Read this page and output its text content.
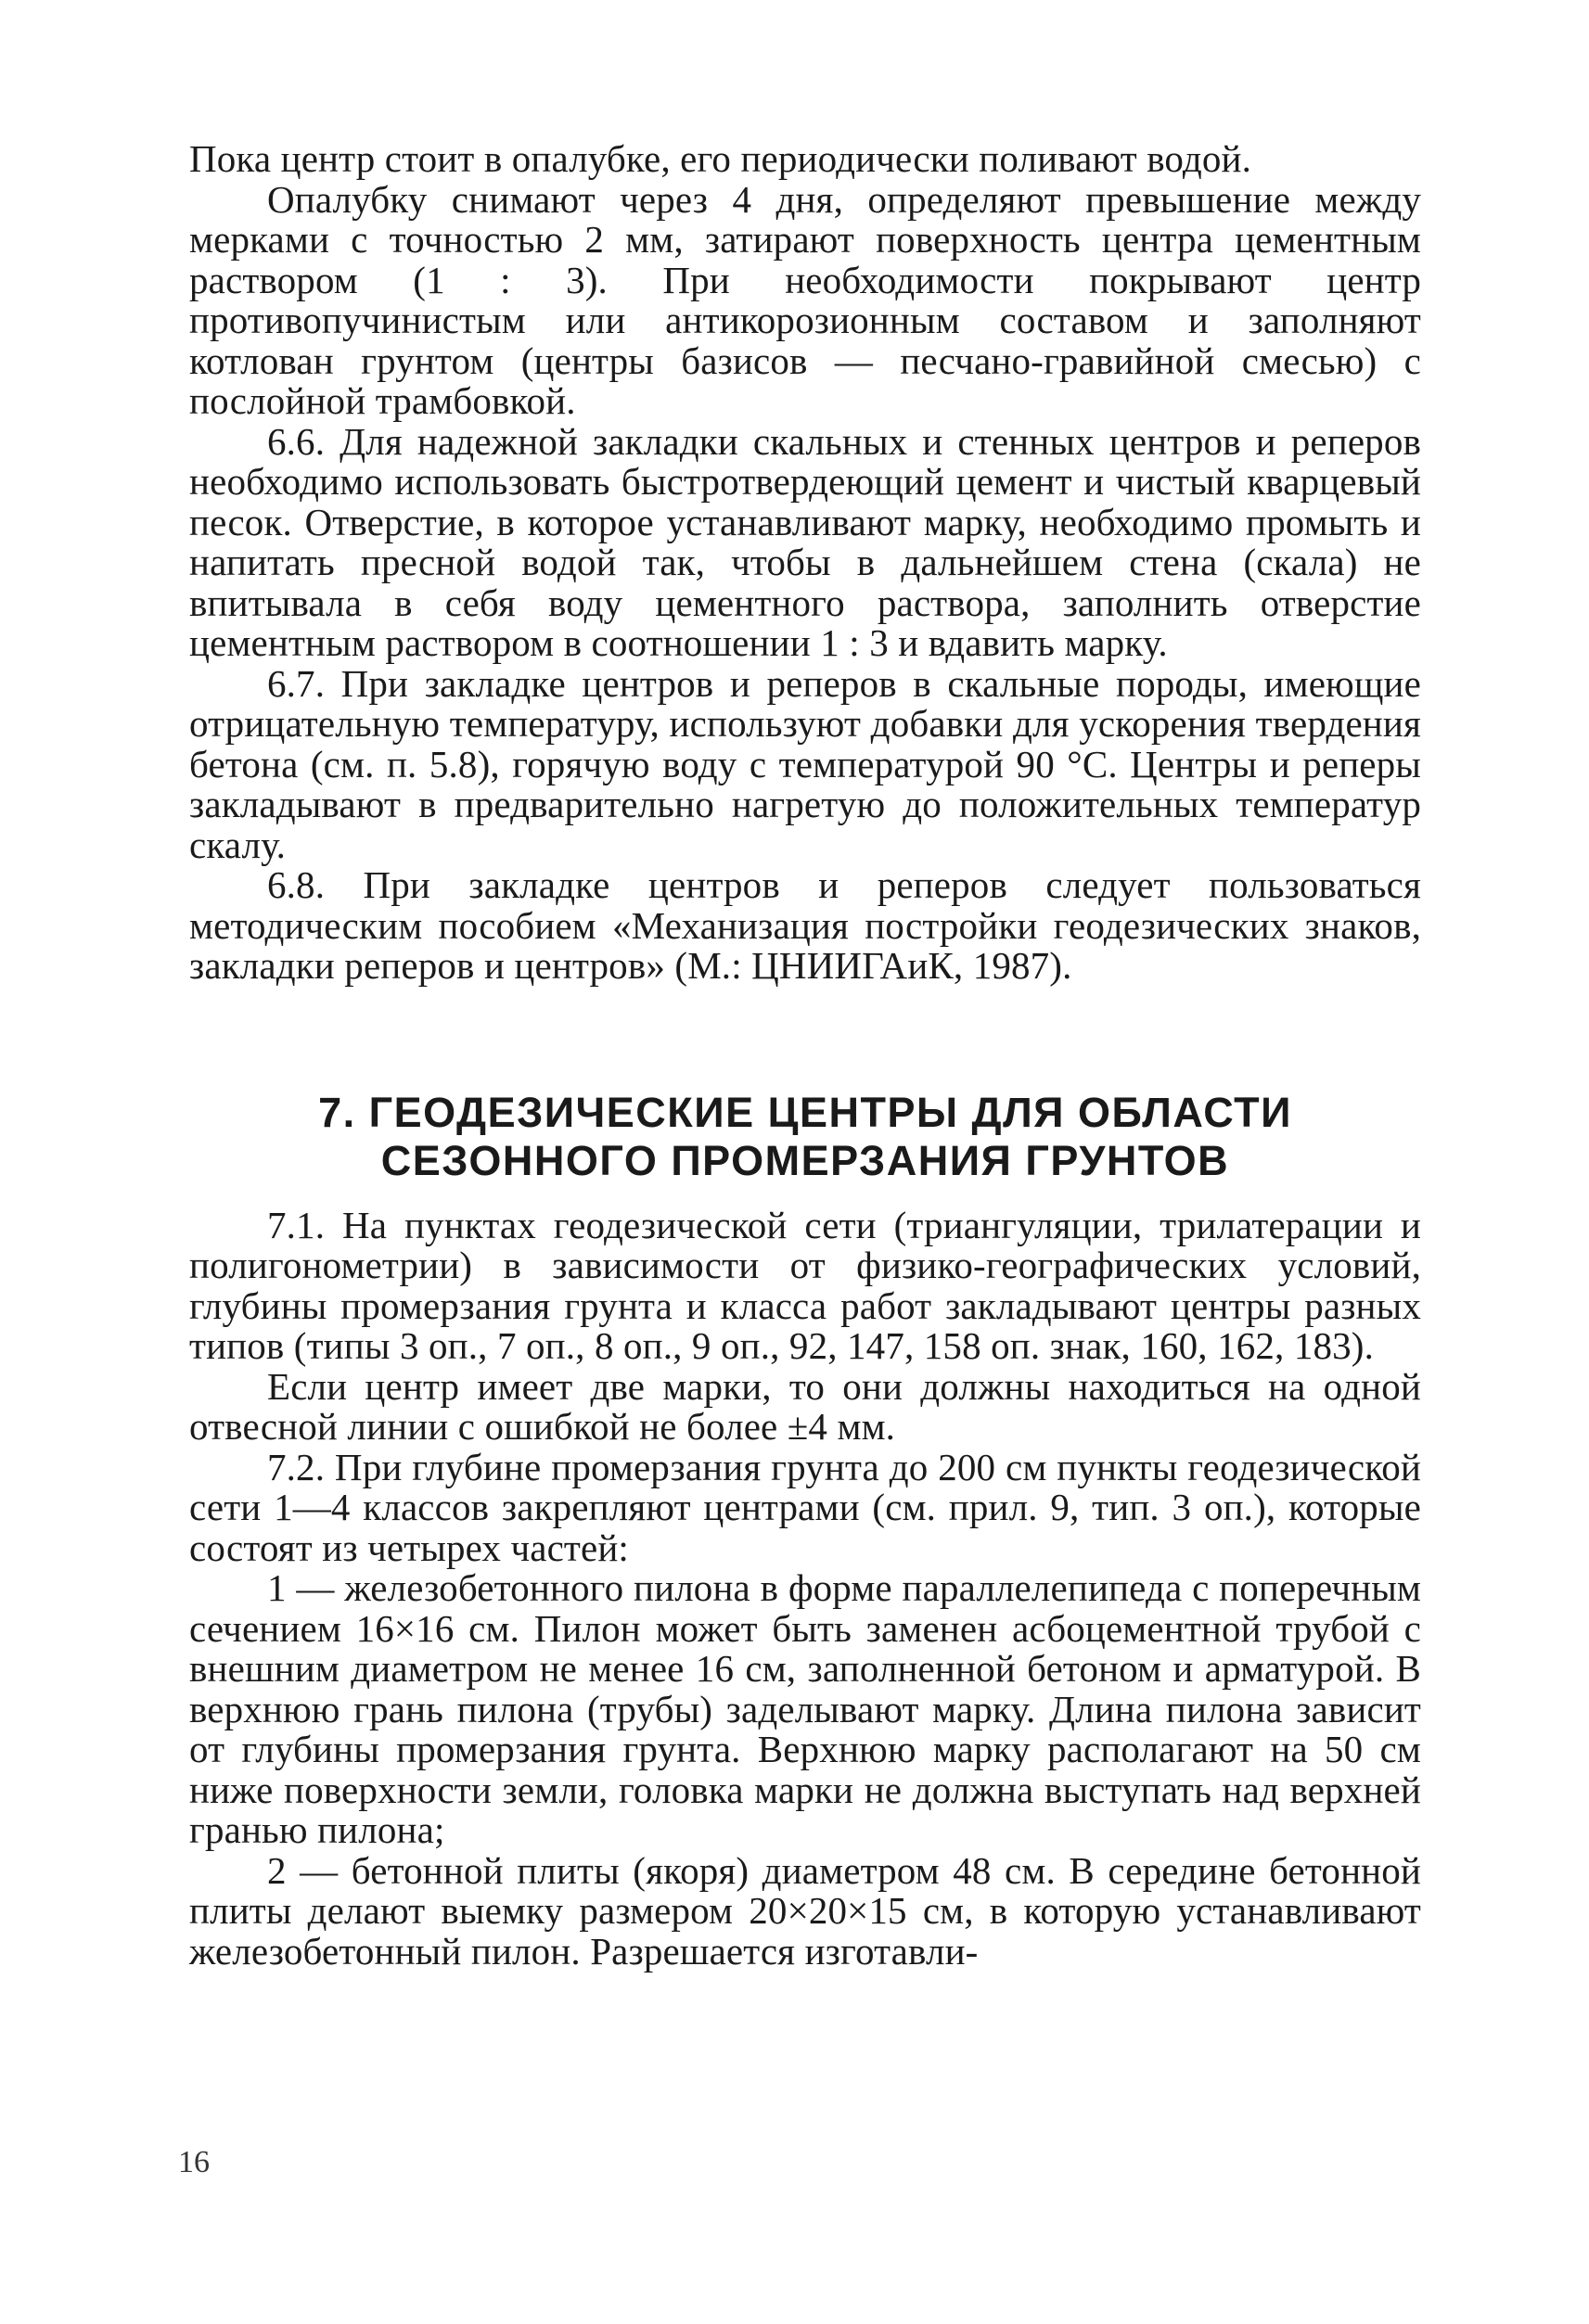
Пока центр стоит в опалубке, его периодически поливают водой.

Опалубку снимают через 4 дня, определяют превышение между мерками с точностью 2 мм, затирают поверхность центра цементным раствором (1 : 3). При необходимости покрывают центр противопучинистым или антикорозионным составом и заполняют котлован грунтом (центры базисов — песчано-гравийной смесью) с послойной трамбовкой.

6.6. Для надежной закладки скальных и стенных центров и реперов необходимо использовать быстротвердеющий цемент и чистый кварцевый песок. Отверстие, в которое устанавливают марку, необходимо промыть и напитать пресной водой так, чтобы в дальнейшем стена (скала) не впитывала в себя воду цементного раствора, заполнить отверстие цементным раствором в соотношении 1 : 3 и вдавить марку.

6.7. При закладке центров и реперов в скальные породы, имеющие отрицательную температуру, используют добавки для ускорения твердения бетона (см. п. 5.8), горячую воду с температурой 90 °С. Центры и реперы закладывают в предварительно нагретую до положительных температур скалу.

6.8. При закладке центров и реперов следует пользоваться методическим пособием «Механизация постройки геодезических знаков, закладки реперов и центров» (М.: ЦНИИГАиК, 1987).

7. ГЕОДЕЗИЧЕСКИЕ ЦЕНТРЫ ДЛЯ ОБЛАСТИ
СЕЗОННОГО ПРОМЕРЗАНИЯ ГРУНТОВ

7.1. На пунктах геодезической сети (триангуляции, трилатерации и полигонометрии) в зависимости от физико-географических условий, глубины промерзания грунта и класса работ закладывают центры разных типов (типы 3 оп., 7 оп., 8 оп., 9 оп., 92, 147, 158 оп. знак, 160, 162, 183).

Если центр имеет две марки, то они должны находиться на одной отвесной линии с ошибкой не более ±4 мм.

7.2. При глубине промерзания грунта до 200 см пункты геодезической сети 1—4 классов закрепляют центрами (см. прил. 9, тип. 3 оп.), которые состоят из четырех частей:

1 — железобетонного пилона в форме параллелепипеда с поперечным сечением 16×16 см. Пилон может быть заменен асбоцементной трубой с внешним диаметром не менее 16 см, заполненной бетоном и арматурой. В верхнюю грань пилона (трубы) заделывают марку. Длина пилона зависит от глубины промерзания грунта. Верхнюю марку располагают на 50 см ниже поверхности земли, головка марки не должна выступать над верхней гранью пилона;

2 — бетонной плиты (якоря) диаметром 48 см. В середине бетонной плиты делают выемку размером 20×20×15 см, в которую устанавливают железобетонный пилон. Разрешается изготавли-

16
